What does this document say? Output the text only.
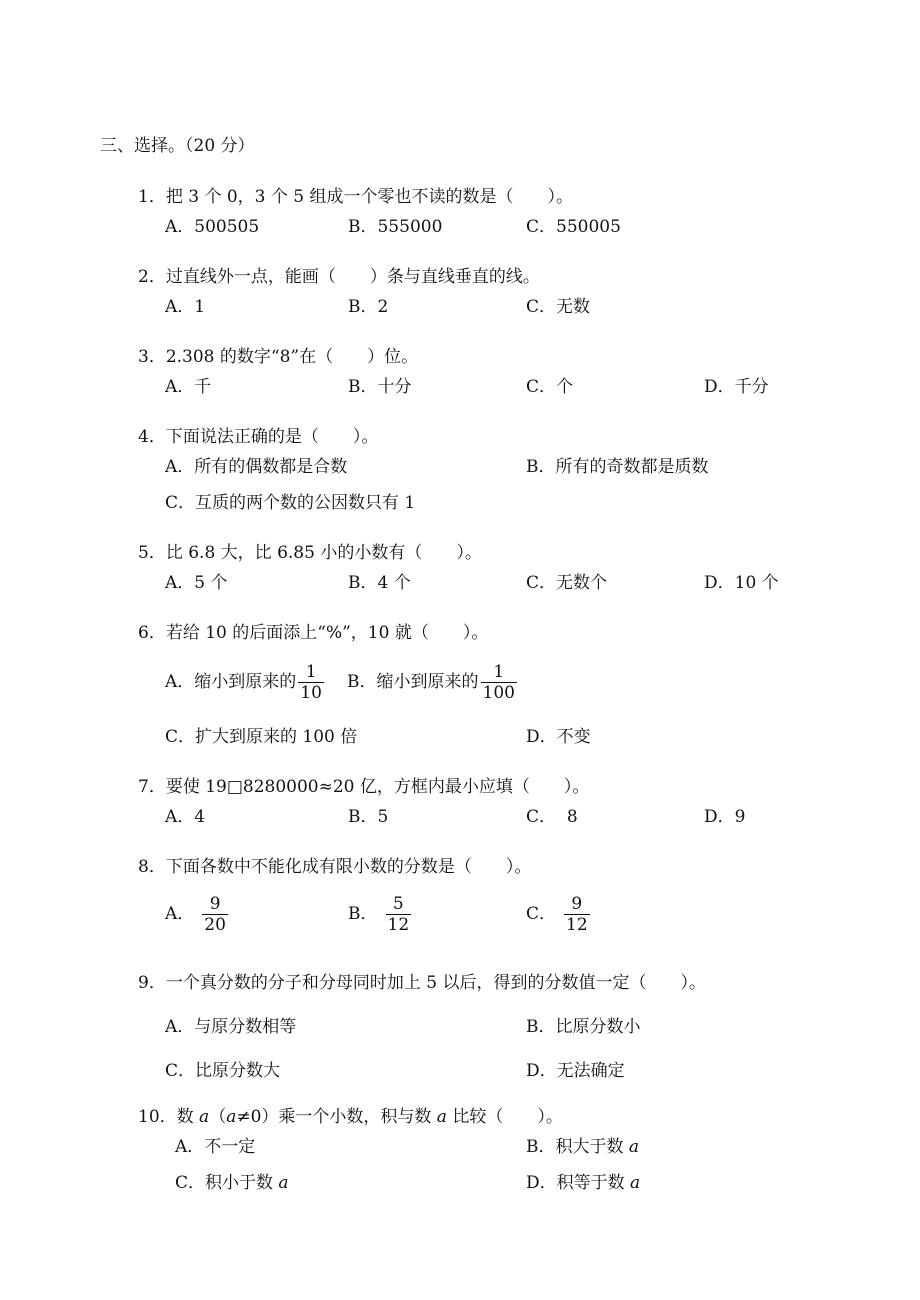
三、选择。（20 分）
1．把 3 个 0，3 个 5 组成一个零也不读的数是（　　）。
A．500505	B．555000	C．550005
2．过直线外一点，能画（　　）条与直线垂直的线。
A．1	B．2	C．无数
3．2.308 的数字“8”在（　　）位。
A．千	B．十分	C．个	D．千分
4．下面说法正确的是（　　）。
A．所有的偶数都是合数	B．所有的奇数都是质数
C．互质的两个数的公因数只有 1
5．比 6.8 大，比 6.85 小的小数有（　　）。
A．5 个	B．4 个	C．无数个	D．10 个
6．若给 10 的后面添上“%”，10 就（　　）。
A．缩小到原来的 $\frac{1}{10}$ B．缩小到原来的 $\frac{1}{100}$
C．扩大到原来的 100 倍	D．不变
7．要使 19□8280000≈20 亿，方框内最小应填（　　）。
A．4	B．5	C．  8	D．9
8．下面各数中不能化成有限小数的分数是（　　）。
A． $\frac{9}{20}$	B． $\frac{5}{12}$	C． $\frac{9}{12}$
9．一个真分数的分子和分母同时加上 5 以后，得到的分数值一定（　　）。
A．与原分数相等	B．比原分数小
C．比原分数大	D．无法确定
10．数 a（a≠0）乘一个小数，积与数 a 比较（　　）。
A．不一定	B．积大于数 a
C．积小于数 a	D．积等于数 a
